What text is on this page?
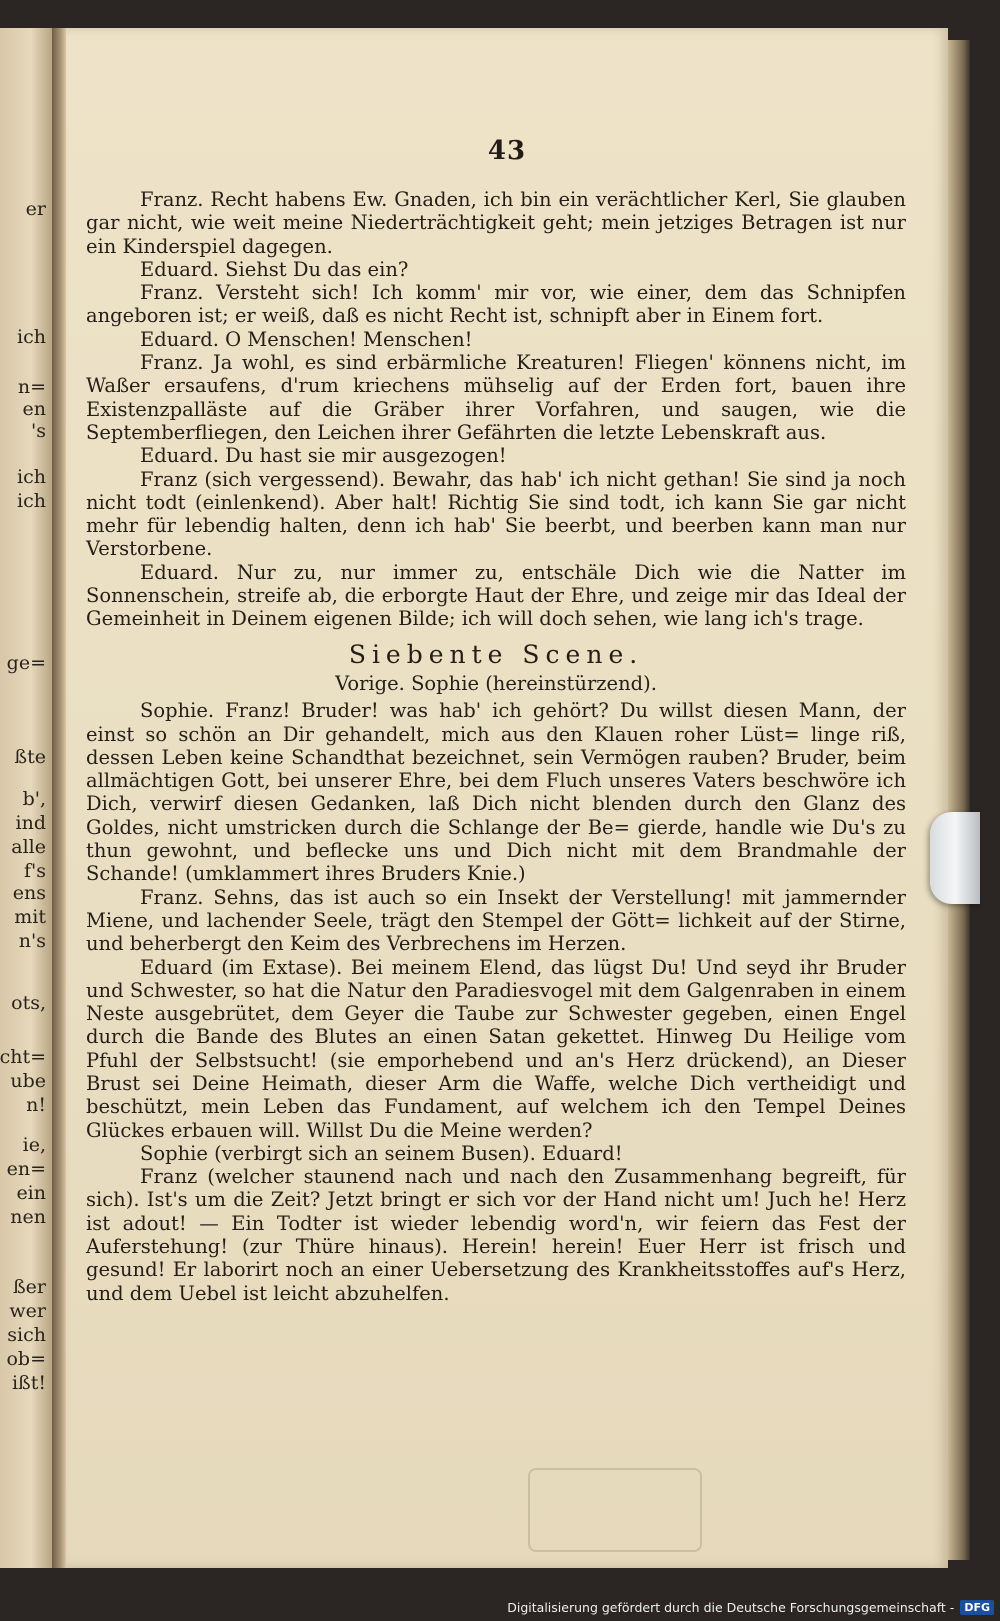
er
ich
n=
en
's
ich
ich
ge=
ßte
b',
ind
alle
f's
ens
mit
n's
ots,
cht=
ube
n!
ie,
en=
ein
nen
ßer
wer
sich
ob=
ißt!
43

Franz. Recht habens Ew. Gnaden, ich bin ein verächtlicher Kerl, Sie glauben gar nicht, wie weit meine Niederträchtigkeit geht; mein jetziges Betragen ist nur ein Kinderspiel dagegen.

Eduard. Siehst Du das ein?

Franz. Versteht sich! Ich komm' mir vor, wie einer, dem das Schnipfen angeboren ist; er weiß, daß es nicht Recht ist, schnipft aber in Einem fort.

Eduard. O Menschen! Menschen!

Franz. Ja wohl, es sind erbärmliche Kreaturen! Fliegen' könnens nicht, im Waßer ersaufens, d'rum kriechens mühselig auf der Erden fort, bauen ihre Existenzpalläste auf die Gräber ihrer Vorfahren, und saugen, wie die Septemberfliegen, den Leichen ihrer Gefährten die letzte Lebenskraft aus.

Eduard. Du hast sie mir ausgezogen!

Franz (sich vergessend). Bewahr, das hab' ich nicht gethan! Sie sind ja noch nicht todt (einlenkend). Aber halt! Richtig Sie sind todt, ich kann Sie gar nicht mehr für lebendig halten, denn ich hab' Sie beerbt, und beerben kann man nur Verstorbene.

Eduard. Nur zu, nur immer zu, entschäle Dich wie die Natter im Sonnenschein, streife ab, die erborgte Haut der Ehre, und zeige mir das Ideal der Gemeinheit in Deinem eigenen Bilde; ich will doch sehen, wie lang ich's trage.

Siebente Scene.
Vorige. Sophie (hereinstürzend).

Sophie. Franz! Bruder! was hab' ich gehört? Du willst diesen Mann, der einst so schön an Dir gehandelt, mich aus den Klauen roher Lüst= linge riß, dessen Leben keine Schandthat bezeichnet, sein Vermögen rauben? Bruder, beim allmächtigen Gott, bei unserer Ehre, bei dem Fluch unseres Vaters beschwöre ich Dich, verwirf diesen Gedanken, laß Dich nicht blenden durch den Glanz des Goldes, nicht umstricken durch die Schlange der Be= gierde, handle wie Du's zu thun gewohnt, und beflecke uns und Dich nicht mit dem Brandmahle der Schande! (umklammert ihres Bruders Knie.)

Franz. Sehns, das ist auch so ein Insekt der Verstellung! mit jammernder Miene, und lachender Seele, trägt den Stempel der Gött= lichkeit auf der Stirne, und beherbergt den Keim des Verbrechens im Herzen.

Eduard (im Extase). Bei meinem Elend, das lügst Du! Und seyd ihr Bruder und Schwester, so hat die Natur den Paradiesvogel mit dem Galgenraben in einem Neste ausgebrütet, dem Geyer die Taube zur Schwester gegeben, einen Engel durch die Bande des Blutes an einen Satan gekettet. Hinweg Du Heilige vom Pfuhl der Selbstsucht! (sie emporhebend und an's Herz drückend), an Dieser Brust sei Deine Heimath, dieser Arm die Waffe, welche Dich vertheidigt und beschützt, mein Leben das Fundament, auf welchem ich den Tempel Deines Glückes erbauen will. Willst Du die Meine werden?

Sophie (verbirgt sich an seinem Busen). Eduard!

Franz (welcher staunend nach und nach den Zusammenhang begreift, für sich). Ist's um die Zeit? Jetzt bringt er sich vor der Hand nicht um! Juch he! Herz ist adout! — Ein Todter ist wieder lebendig word'n, wir feiern das Fest der Auferstehung! (zur Thüre hinaus). Herein! herein! Euer Herr ist frisch und gesund! Er laborirt noch an einer Uebersetzung des Krankheitsstoffes auf's Herz, und dem Uebel ist leicht abzuhelfen.

Digitalisierung gefördert durch die Deutsche Forschungsgemeinschaft - DFG
